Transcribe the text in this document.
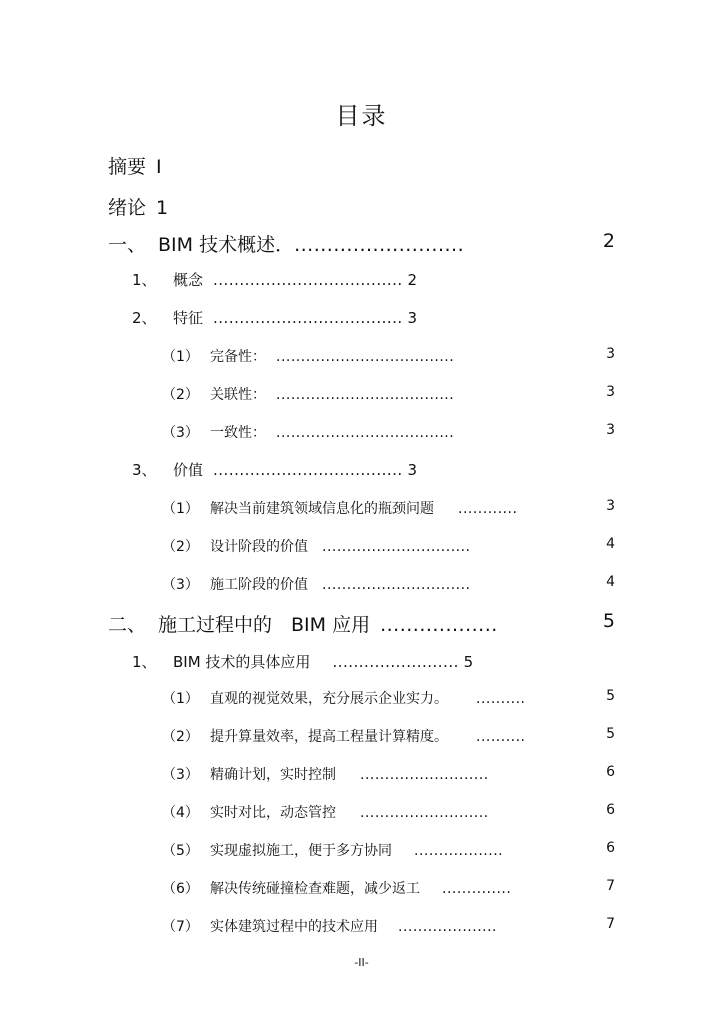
目录
摘要 I
绪论 1
一、 BIM 技术概述．..........................	2
1、 概念 .................................... 2
2、 特征 .................................... 3
（1） 完备性： ....................................	3
（2） 关联性： ....................................	3
（3） 一致性： ....................................	3
3、 价值 .................................... 3
（1） 解决当前建筑领域信息化的瓶颈问题 ............	3
（2） 设计阶段的价值 ..............................	4
（3） 施工阶段的价值 ..............................	4
二、 施工过程中的　BIM 应用 ..................	5
1、 BIM 技术的具体应用 ........................ 5
（1） 直观的视觉效果，充分展示企业实力。 ..........	5
（2） 提升算量效率，提高工程量计算精度。 ..........	5
（3） 精确计划，实时控制 ..........................	6
（4） 实时对比，动态管控 ..........................	6
（5） 实现虚拟施工，便于多方协同 ..................	6
（6） 解决传统碰撞检查难题，减少返工 ..............	7
（7） 实体建筑过程中的技术应用 ....................	7
-II-
